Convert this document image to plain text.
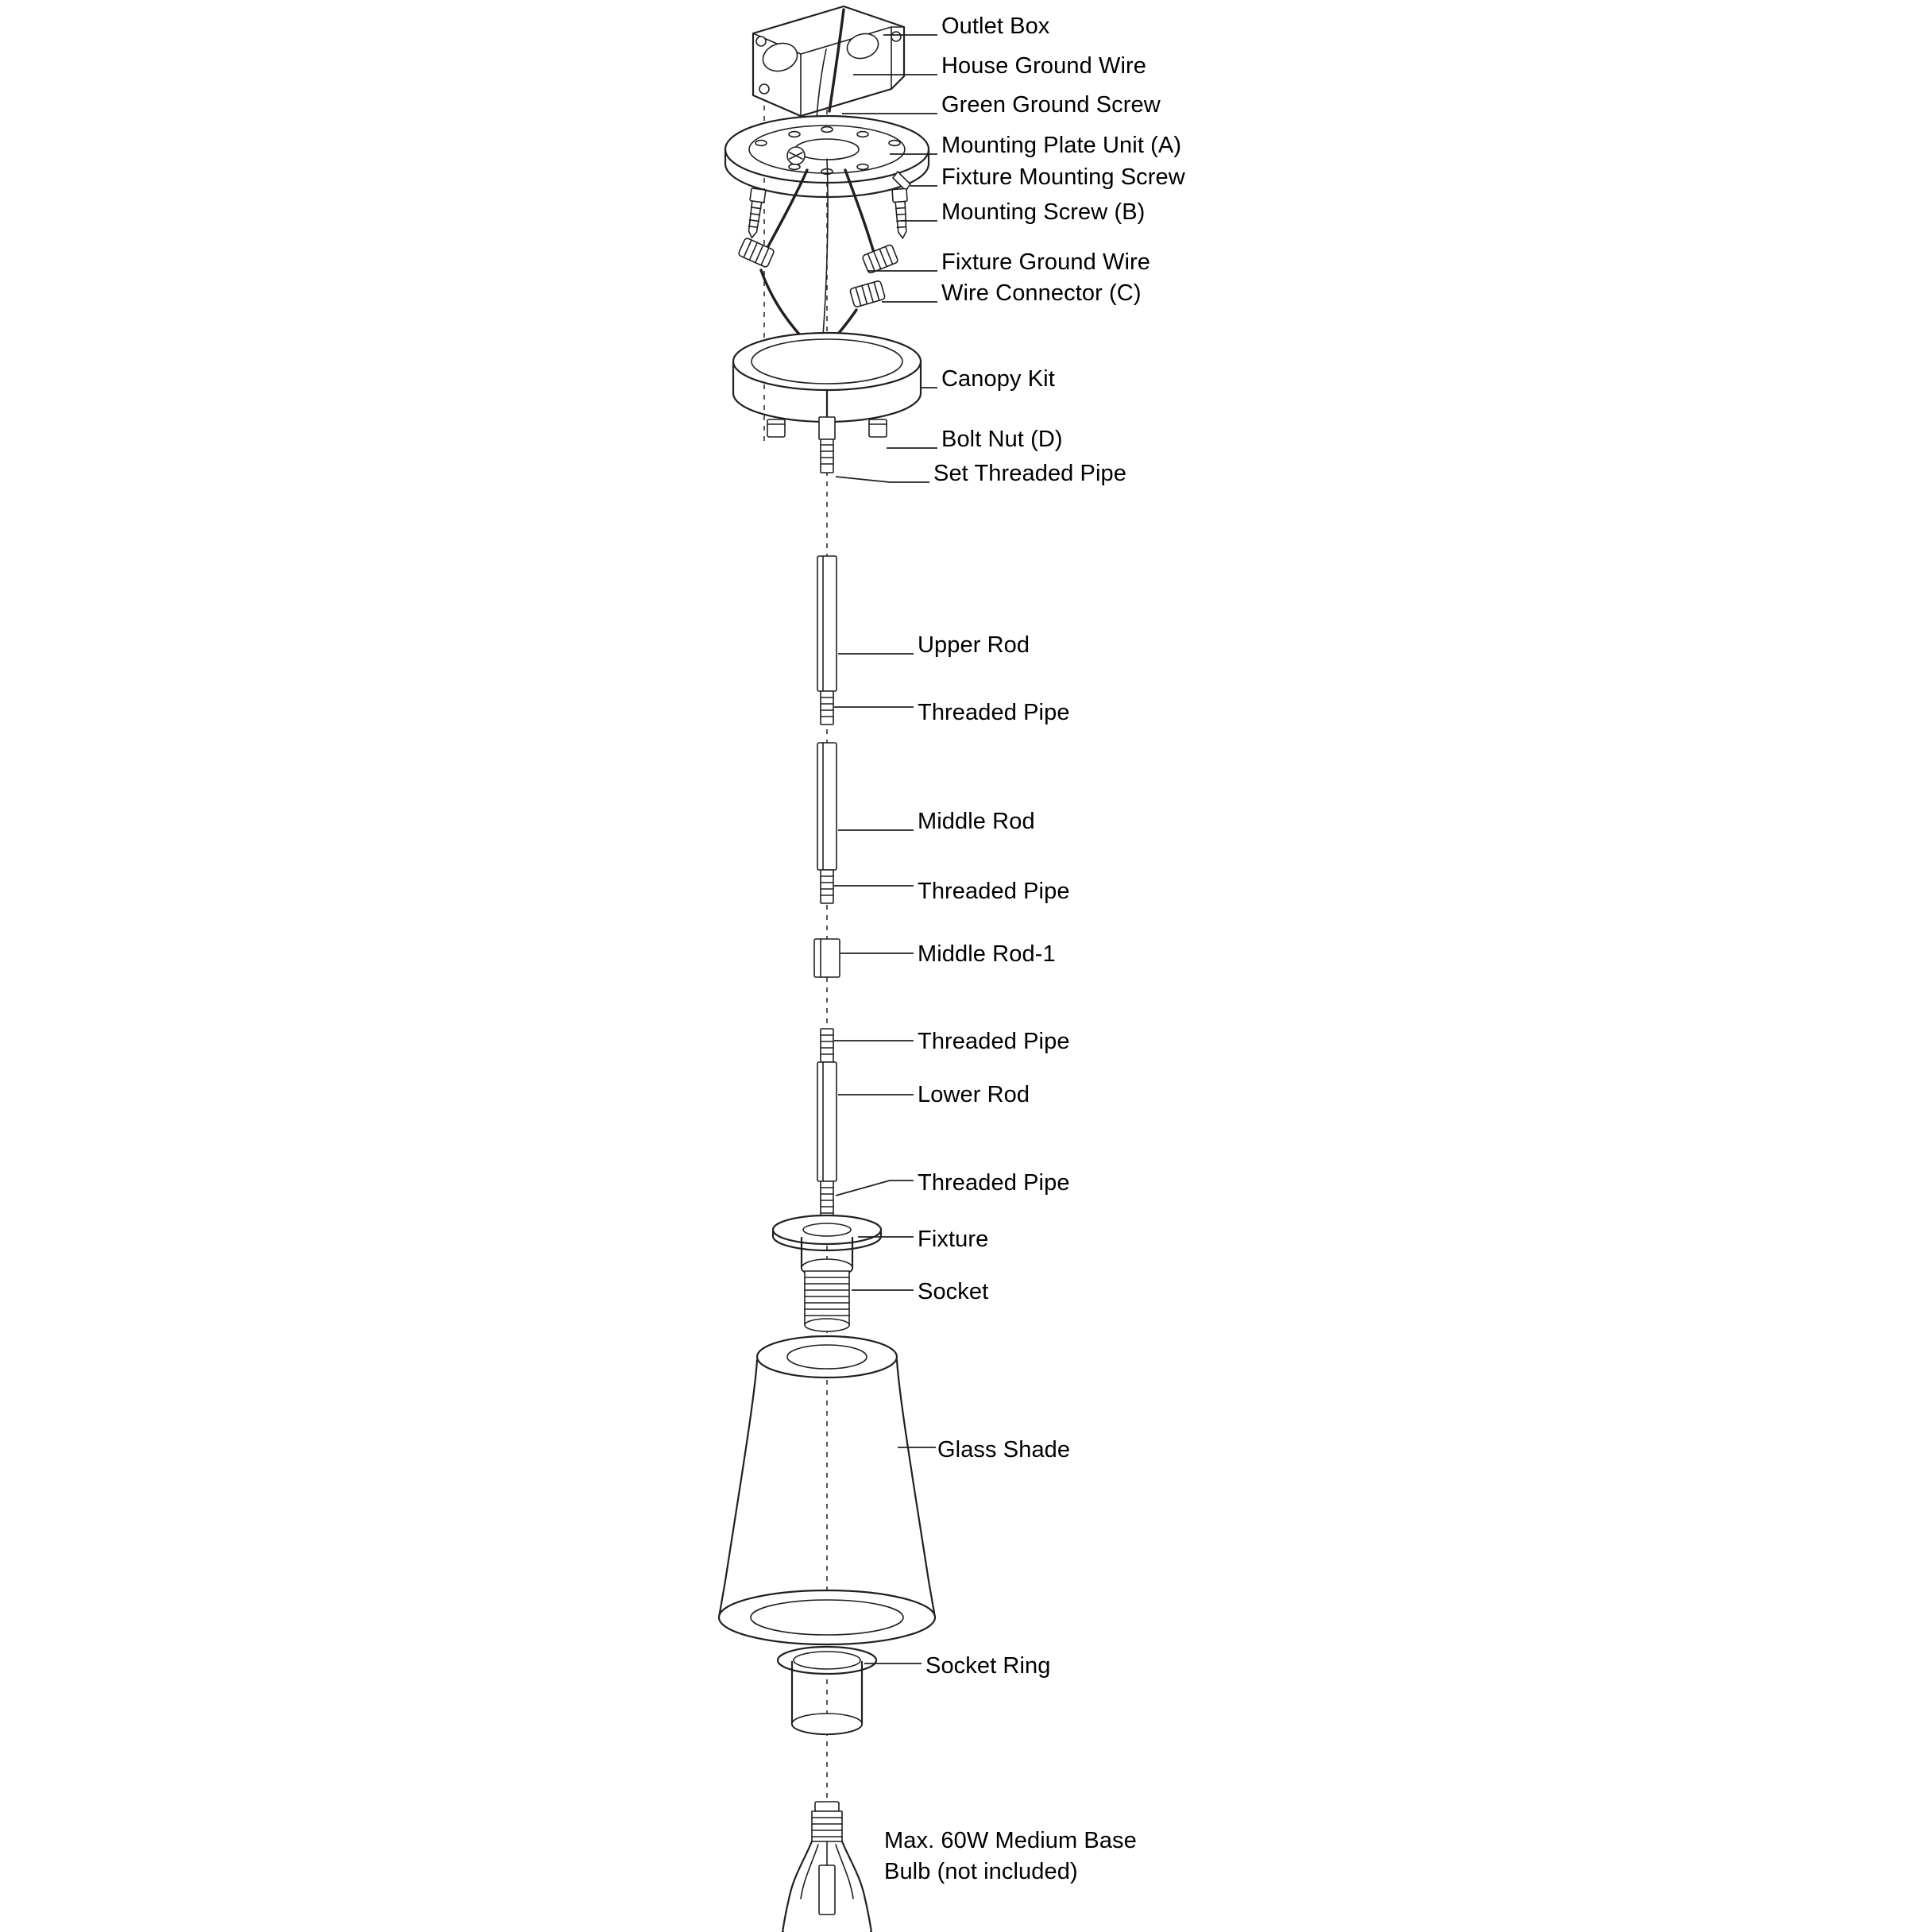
Outlet Box
House Ground Wire
Green Ground Screw
Mounting Plate Unit (A)
Fixture Mounting Screw
Mounting Screw (B)
Fixture Ground Wire
Wire Connector (C)
Canopy Kit
Bolt Nut (D)
Set Threaded Pipe
Upper Rod
Threaded Pipe
Middle Rod
Threaded Pipe
Middle Rod-1
Threaded Pipe
Lower Rod
Threaded Pipe
Fixture
Socket
Glass Shade
Socket Ring
Max. 60W Medium Base
Bulb (not included)
